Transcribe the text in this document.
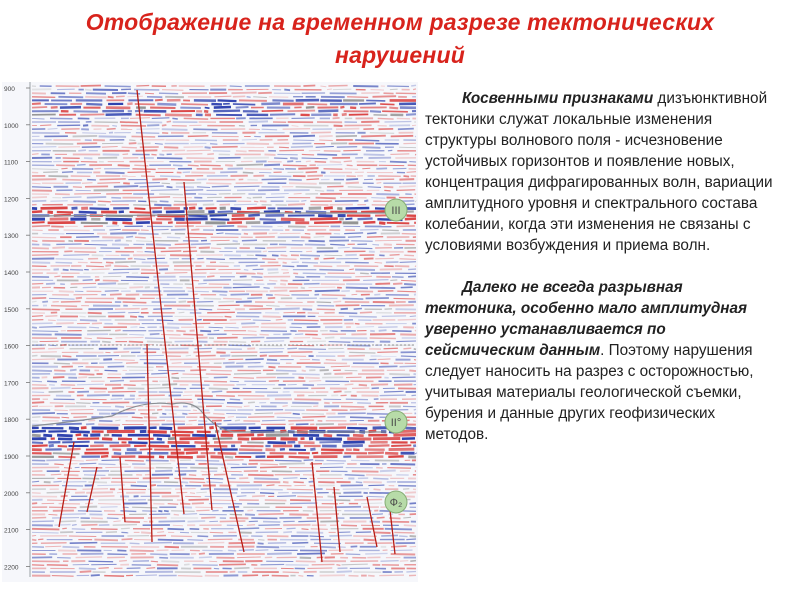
Отображение на временном разрезе тектонических
нарушений
900
1000
1100
1200
1300
1400
1500
1600
1700
1800
1900
2000
2100
2200
III
II°
Ф₂

Косвенными признаками дизъюнктивной тектоники служат локальные изменения структуры волнового поля - исчезновение устойчивых горизонтов и появление новых, концентрация дифрагированных волн, вариации амплитудного уровня и спектрального состава колебании, когда эти изменения не связаны с условиями возбуждения и приема волн.

Далеко не всегда разрывная тектоника, особенно мало амплитудная уверенно устанавливается по сейсмическим данным. Поэтому нарушения следует наносить на разрез с осторожностью, учитывая материалы геологической съемки, бурения и данные других геофизических методов.
